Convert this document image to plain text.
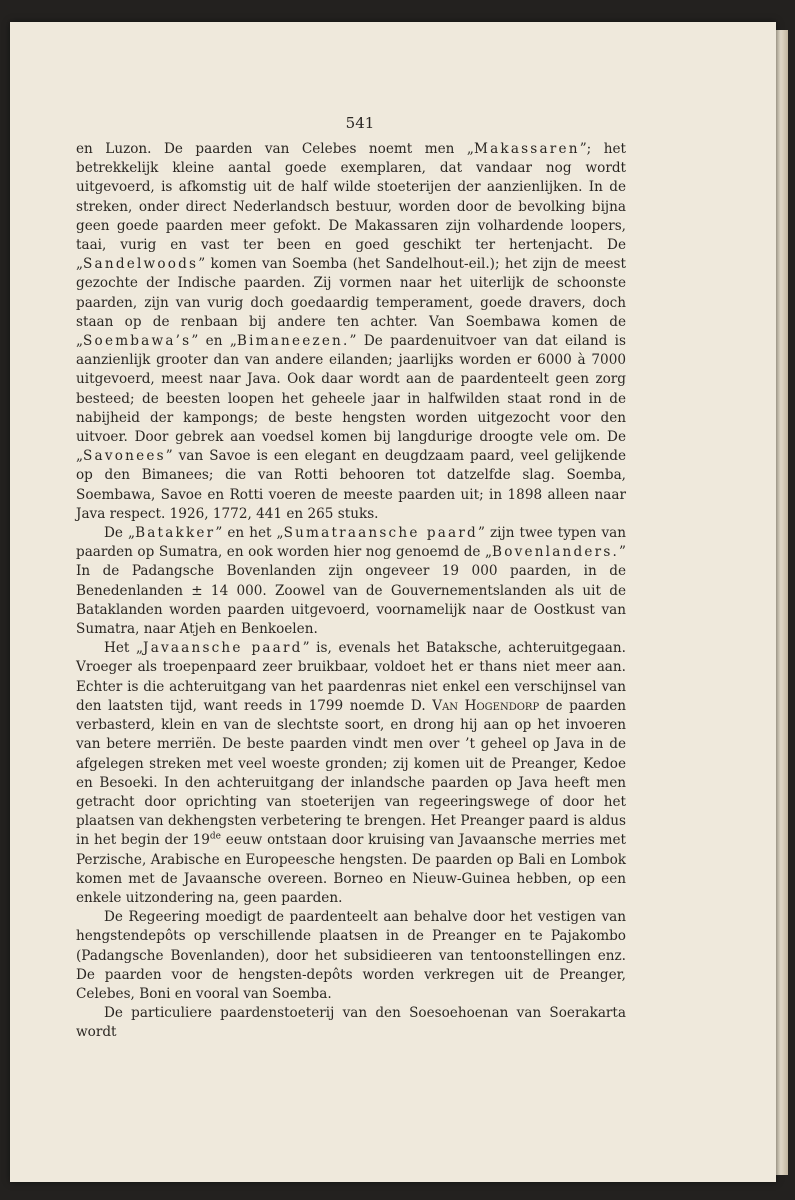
541

en Luzon. De paarden van Celebes noemt men „Makassaren”; het betrekkelijk kleine aantal goede exemplaren, dat vandaar nog wordt uitgevoerd, is afkomstig uit de half wilde stoeterijen der aanzienlijken. In de streken, onder direct Nederlandsch bestuur, worden door de bevolking bijna geen goede paarden meer gefokt. De Makassaren zijn volhardende loopers, taai, vurig en vast ter been en goed geschikt ter hertenjacht. De „Sandelwoods” komen van Soemba (het Sandelhout-eil.); het zijn de meest gezochte der Indische paarden. Zij vormen naar het uiterlijk de schoonste paarden, zijn van vurig doch goedaardig temperament, goede dravers, doch staan op de renbaan bij andere ten achter. Van Soembawa komen de „Soembawa’s” en „Bimaneezen.” De paardenuitvoer van dat eiland is aanzienlijk grooter dan van andere eilanden; jaarlijks worden er 6000 à 7000 uitgevoerd, meest naar Java. Ook daar wordt aan de paardenteelt geen zorg besteed; de beesten loopen het geheele jaar in halfwilden staat rond in de nabijheid der kampongs; de beste hengsten worden uitgezocht voor den uitvoer. Door gebrek aan voedsel komen bij langdurige droogte vele om. De „Savonees” van Savoe is een elegant en deugdzaam paard, veel gelijkende op den Bimanees; die van Rotti behooren tot datzelfde slag. Soemba, Soembawa, Savoe en Rotti voeren de meeste paarden uit; in 1898 alleen naar Java respect. 1926, 1772, 441 en 265 stuks.

De „Batakker” en het „Sumatraansche paard” zijn twee typen van paarden op Sumatra, en ook worden hier nog genoemd de „Bovenlanders.” In de Padangsche Bovenlanden zijn ongeveer 19 000 paarden, in de Benedenlanden ± 14 000. Zoowel van de Gouvernementslanden als uit de Bataklanden worden paarden uitgevoerd, voornamelijk naar de Oostkust van Sumatra, naar Atjeh en Benkoelen.

Het „Javaansche paard” is, evenals het Bataksche, achteruitgegaan. Vroeger als troepenpaard zeer bruikbaar, voldoet het er thans niet meer aan. Echter is die achteruitgang van het paardenras niet enkel een verschijnsel van den laatsten tijd, want reeds in 1799 noemde D. Van Hogendorp de paarden verbasterd, klein en van de slechtste soort, en drong hij aan op het invoeren van betere merriën. De beste paarden vindt men over ’t geheel op Java in de afgelegen streken met veel woeste gronden; zij komen uit de Preanger, Kedoe en Besoeki. In den achteruitgang der inlandsche paarden op Java heeft men getracht door oprichting van stoeterijen van regeeringswege of door het plaatsen van dekhengsten verbetering te brengen. Het Preanger paard is aldus in het begin der 19de eeuw ontstaan door kruising van Javaansche merries met Perzische, Arabische en Europeesche hengsten. De paarden op Bali en Lombok komen met de Javaansche overeen. Borneo en Nieuw-Guinea hebben, op een enkele uitzondering na, geen paarden.

De Regeering moedigt de paardenteelt aan behalve door het vestigen van hengstendepôts op verschillende plaatsen in de Preanger en te Pajakombo (Padangsche Bovenlanden), door het subsidieeren van tentoonstellingen enz. De paarden voor de hengsten-depôts worden verkregen uit de Preanger, Celebes, Boni en vooral van Soemba.

De particuliere paardenstoeterij van den Soesoehoenan van Soerakarta wordt
